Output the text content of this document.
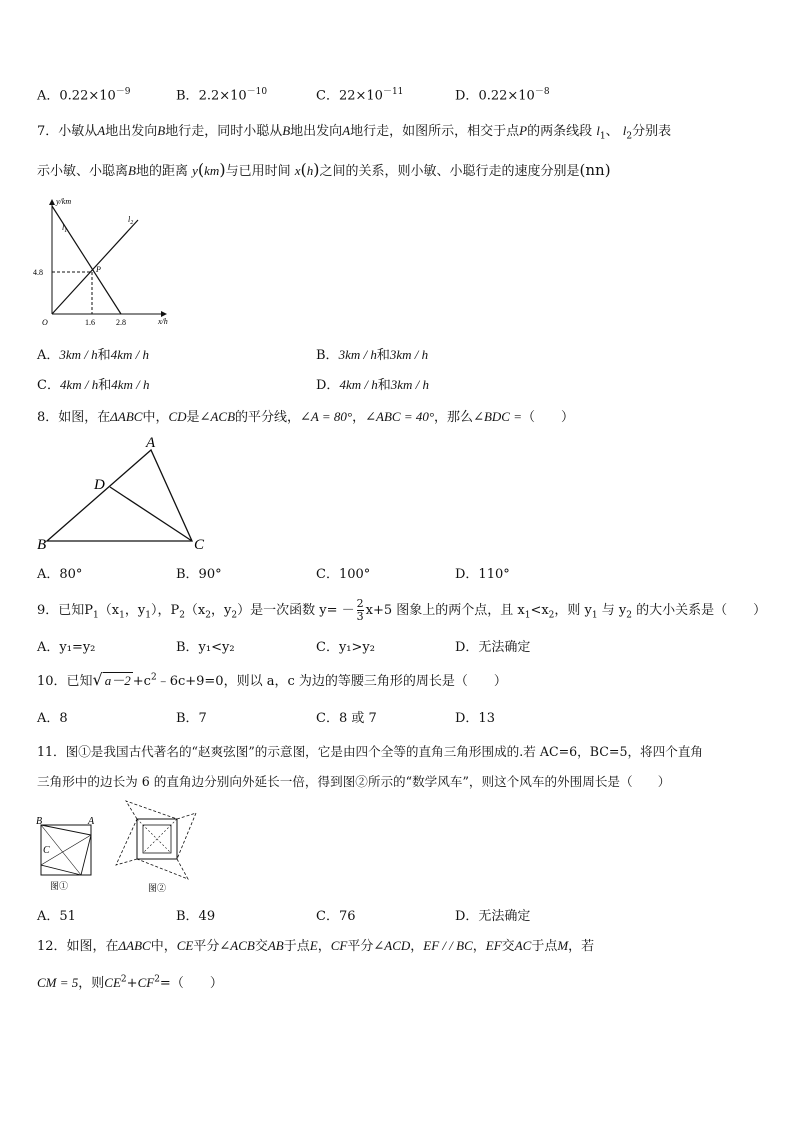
A．$0.22\times 10^{-9}$	B．$2.2\times 10^{-10}$	C．$22\times 10^{-11}$	D．$0.22\times 10^{-8}$
7．小敏从A地出发向B地行走，同时小聪从B地出发向A地行走，如图所示，相交于点P的两条线段 $l_1$、 $l_2$分别表
示小敏、小聪离B地的距离 y(km)与已用时间 x(h)之间的关系，则小敏、小聪行走的速度分别是(nn)
y/km
x/h
O
4.8
1.6	2.8
$l_1$
$l_2$
P
A．3km / h和4km / h	B．3km / h和3km / h
C．4km / h和4km / h	D．4km / h和3km / h
8．如图，在ΔABC中，CD是∠ACB的平分线，∠A = 80°，∠ABC = 40°，那么∠BDC =（　　）
A
D
B	C
A．80°	B．90°	C．100°	D．110°
9．已知$P_1(x_1$，$y_1$），$P_2(x_2$，$y_2$）是一次函数 $y= - \frac{2}{3} x+5$ 图象上的两个点，且 $x_1<x_2$，则 $y_1$ 与 $y_2$ 的大小关系是（　　）
A．y₁=y₂	B．y₁<y₂	C．y₁>y₂	D．无法确定
10．已知√ $a-2 +c^2﹣6c+9=0$，则以 a，c 为边的等腰三角形的周长是（　　）
A．8	B．7	C．8 或 7	D．13
11．图①是我国古代著名的“赵爽弦图”的示意图，它是由四个全等的直角三角形围成的.若 AC=6，BC=5，将四个直角
三角形中的边长为 6 的直角边分别向外延长一倍，得到图②所示的“数学风车”，则这个风车的外围周长是（　　）
B	A
C
图①	图②
A．51	B．49	C．76	D．无法确定
12．如图，在ΔABC中，CE平分∠ACB交AB于点E，CF平分∠ACD，EF / / BC，EF交AC于点M，若
CM = 5，则$CE^2+CF^2=$（　　）
